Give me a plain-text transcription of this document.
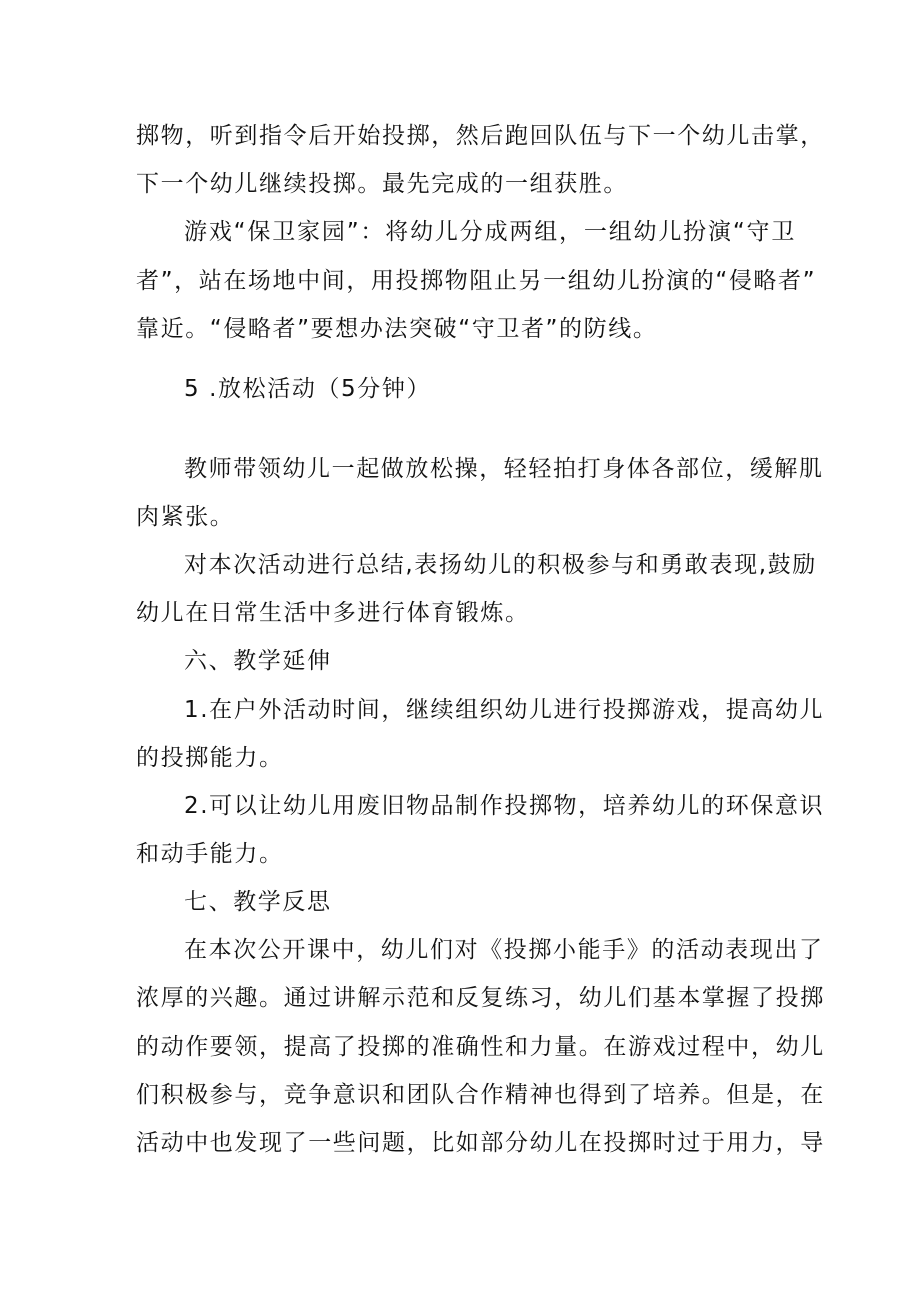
掷物，听到指令后开始投掷，然后跑回队伍与下一个幼儿击掌，
下一个幼儿继续投掷。最先完成的一组获胜。
游戏“保卫家园”：将幼儿分成两组，一组幼儿扮演“守卫
者”，站在场地中间，用投掷物阻止另一组幼儿扮演的“侵略者”
靠近。“侵略者”要想办法突破“守卫者”的防线。
5 .放松活动（5分钟）
教师带领幼儿一起做放松操，轻轻拍打身体各部位，缓解肌
肉紧张。
对本次活动进行总结,表扬幼儿的积极参与和勇敢表现,鼓励
幼儿在日常生活中多进行体育锻炼。
六、教学延伸
1.在户外活动时间，继续组织幼儿进行投掷游戏，提高幼儿
的投掷能力。
2.可以让幼儿用废旧物品制作投掷物，培养幼儿的环保意识
和动手能力。
七、教学反思
在本次公开课中，幼儿们对《投掷小能手》的活动表现出了
浓厚的兴趣。通过讲解示范和反复练习，幼儿们基本掌握了投掷
的动作要领，提高了投掷的准确性和力量。在游戏过程中，幼儿
们积极参与，竞争意识和团队合作精神也得到了培养。但是，在
活动中也发现了一些问题，比如部分幼儿在投掷时过于用力，导
